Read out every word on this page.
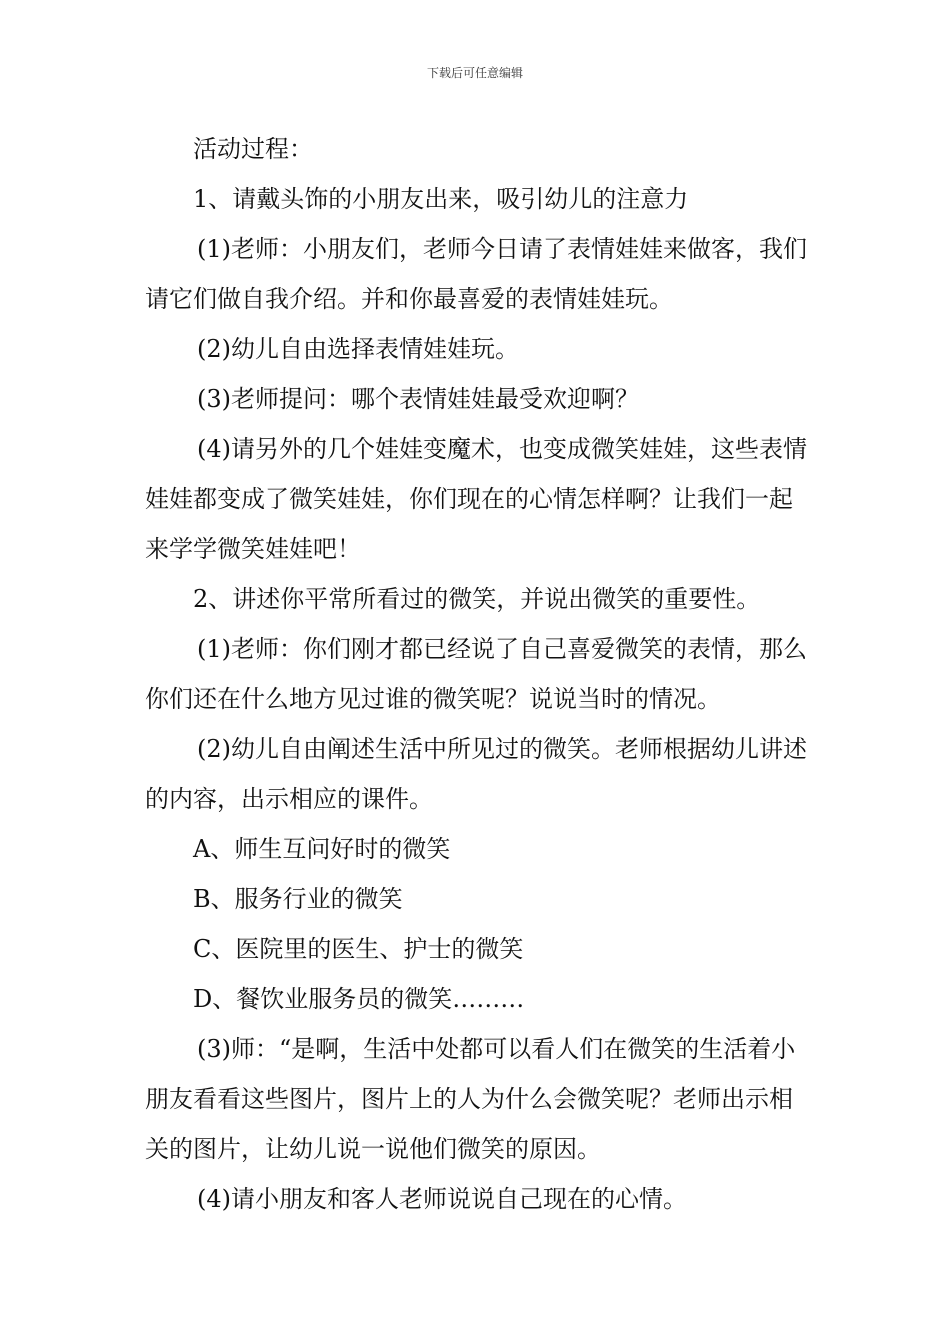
下载后可任意编辑

活动过程：

1、请戴头饰的小朋友出来，吸引幼儿的注意力

(1)老师：小朋友们，老师今日请了表情娃娃来做客，我们请它们做自我介绍。并和你最喜爱的表情娃娃玩。

(2)幼儿自由选择表情娃娃玩。

(3)老师提问：哪个表情娃娃最受欢迎啊？

(4)请另外的几个娃娃变魔术，也变成微笑娃娃，这些表情娃娃都变成了微笑娃娃，你们现在的心情怎样啊？让我们一起来学学微笑娃娃吧！

2、讲述你平常所看过的微笑，并说出微笑的重要性。

(1)老师：你们刚才都已经说了自己喜爱微笑的表情，那么你们还在什么地方见过谁的微笑呢？说说当时的情况。

(2)幼儿自由阐述生活中所见过的微笑。老师根据幼儿讲述的内容，出示相应的课件。

A、师生互问好时的微笑

B、服务行业的微笑

C、医院里的医生、护士的微笑

D、餐饮业服务员的微笑………

(3)师：“是啊，生活中处都可以看人们在微笑的生活着小朋友看看这些图片，图片上的人为什么会微笑呢？老师出示相关的图片，让幼儿说一说他们微笑的原因。

(4)请小朋友和客人老师说说自己现在的心情。
